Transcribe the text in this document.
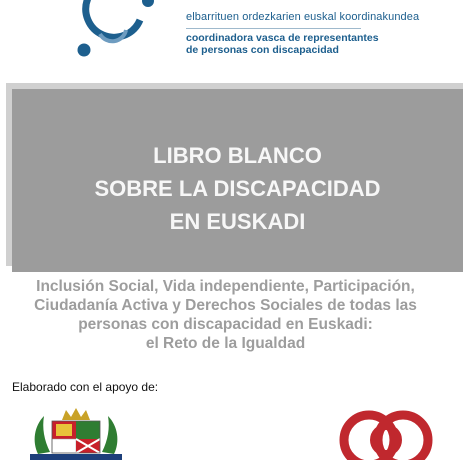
elbarrituen ordezkarien euskal koordinakundea
coordinadora vasca de representantes
de personas con discapacidad
LIBRO BLANCO
SOBRE LA DISCAPACIDAD
EN EUSKADI
Inclusión Social, Vida independiente, Participación,
Ciudadanía Activa y Derechos Sociales de todas las
personas con discapacidad en Euskadi:
el Reto de la Igualdad
Elaborado con el apoyo de:
